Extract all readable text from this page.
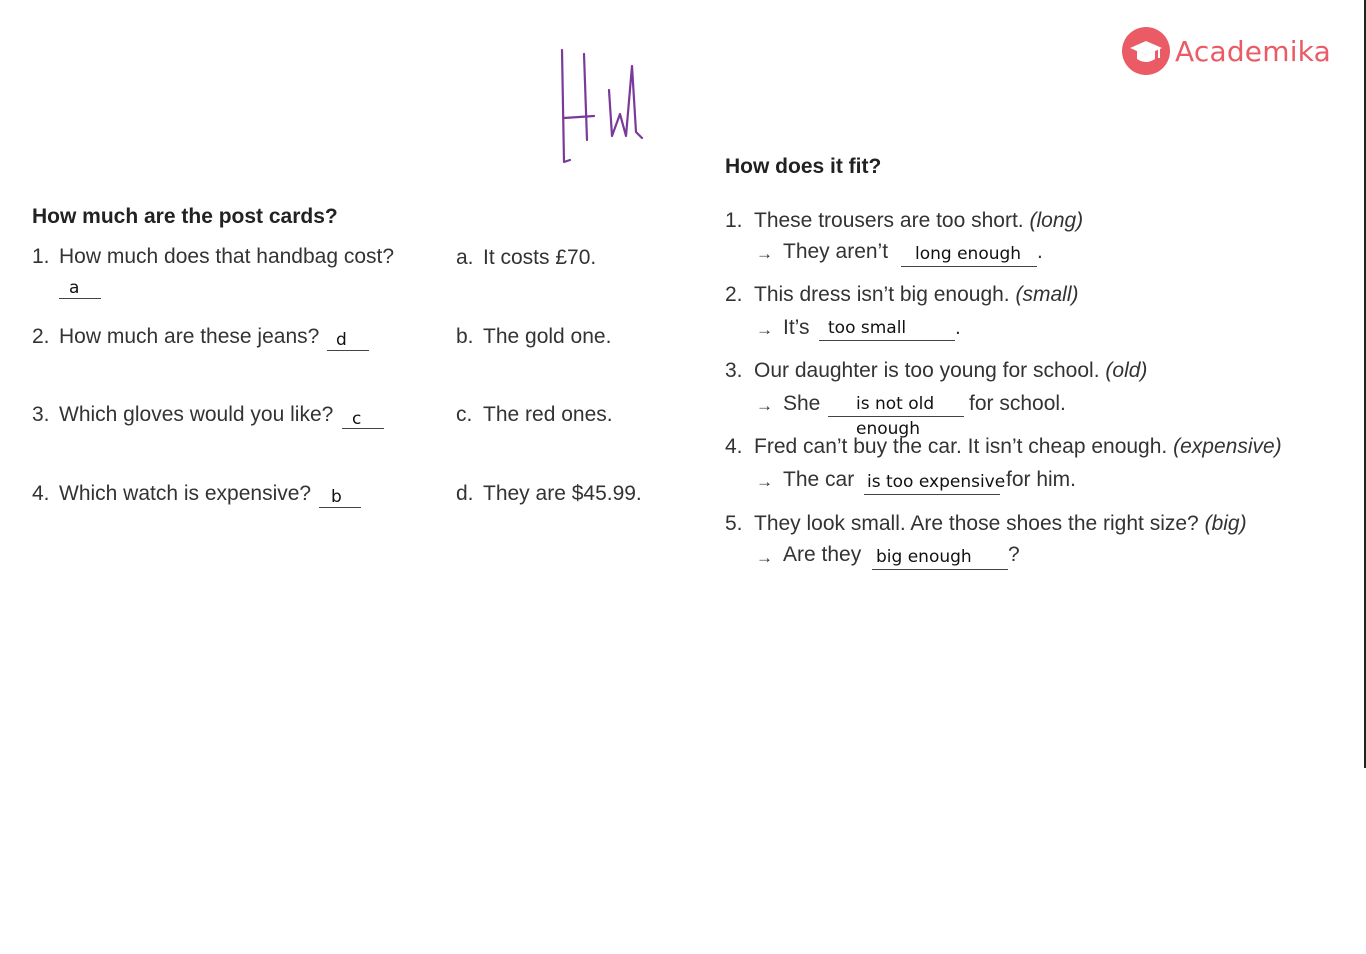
Academika
How much are the post cards?
1. How much does that handbag cost?
a
2. How much are these jeans? d
3. Which gloves would you like? c
4. Which watch is expensive? b
a. It costs £70.
b. The gold one.
c. The red ones.
d. They are $45.99.
How does it fit?
1. These trousers are too short. (long)
→ They aren’t long enough .
2. This dress isn’t big enough. (small)
→ It’s too small .
3. Our daughter is too young for school. (old)
→ She is not old
enough
for school.
4. Fred can’t buy the car. It isn’t cheap enough. (expensive)
→ The car is too expensive for him.
5. They look small. Are those shoes the right size? (big)
→ Are they big enough ?
